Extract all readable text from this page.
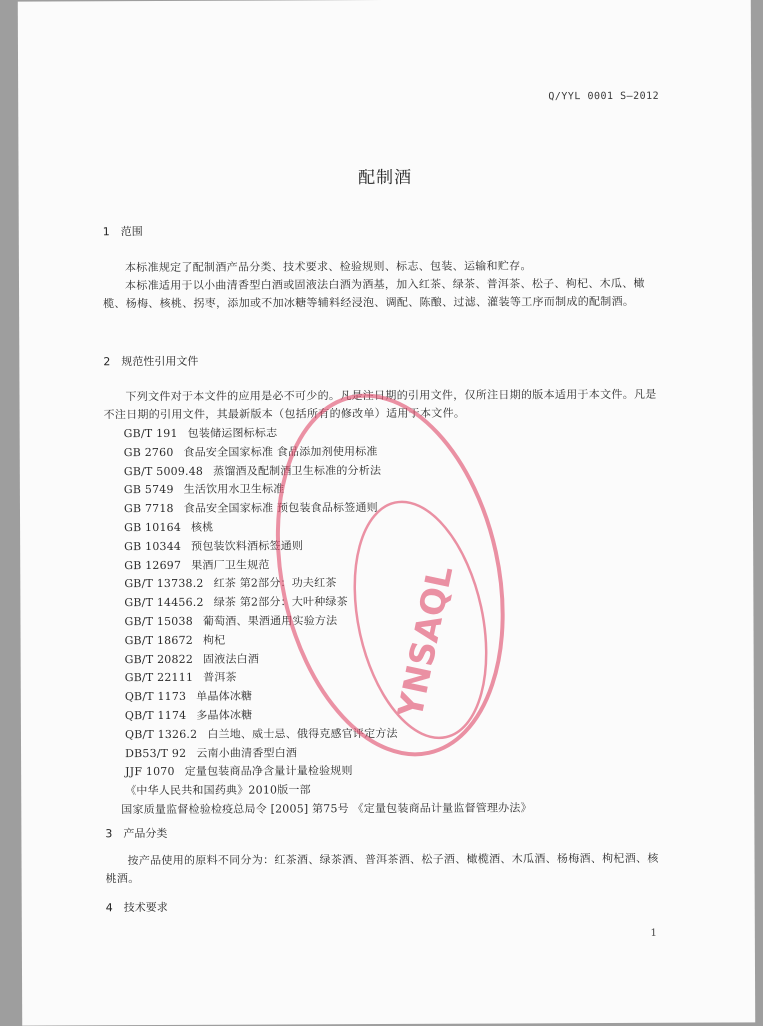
Q/YYL 0001 S—2012
配制酒
1 范围

本标准规定了配制酒产品分类、技术要求、检验规则、标志、包装、运输和贮存。

本标准适用于以小曲清香型白酒或固液法白酒为酒基，加入红茶、绿茶、普洱茶、松子、枸杞、木瓜、橄榄、杨梅、核桃、拐枣，添加或不加冰糖等辅料经浸泡、调配、陈酿、过滤、灌装等工序而制成的配制酒。

2 规范性引用文件

下列文件对于本文件的应用是必不可少的。凡是注日期的引用文件，仅所注日期的版本适用于本文件。凡是不注日期的引用文件，其最新版本（包括所有的修改单）适用于本文件。

GB/T 191 包装储运图标标志
GB 2760 食品安全国家标准 食品添加剂使用标准
GB/T 5009.48 蒸馏酒及配制酒卫生标准的分析法
GB 5749 生活饮用水卫生标准
GB 7718 食品安全国家标准 预包装食品标签通则
GB 10164 核桃
GB 10344 预包装饮料酒标签通则
GB 12697 果酒厂卫生规范
GB/T 13738.2 红茶 第2部分：功夫红茶
GB/T 14456.2 绿茶 第2部分：大叶种绿茶
GB/T 15038 葡萄酒、果酒通用实验方法
GB/T 18672 枸杞
GB/T 20822 固液法白酒
GB/T 22111 普洱茶
QB/T 1173 单晶体冰糖
QB/T 1174 多晶体冰糖
QB/T 1326.2 白兰地、威士忌、俄得克感官评定方法
DB53/T 92 云南小曲清香型白酒
JJF 1070 定量包装商品净含量计量检验规则
《中华人民共和国药典》2010版一部
国家质量监督检验检疫总局令 [2005] 第75号 《定量包装商品计量监督管理办法》
3 产品分类

按产品使用的原料不同分为：红茶酒、绿茶酒、普洱茶酒、松子酒、橄榄酒、木瓜酒、杨梅酒、枸杞酒、核桃酒。

4 技术要求
YNSAQL
1
